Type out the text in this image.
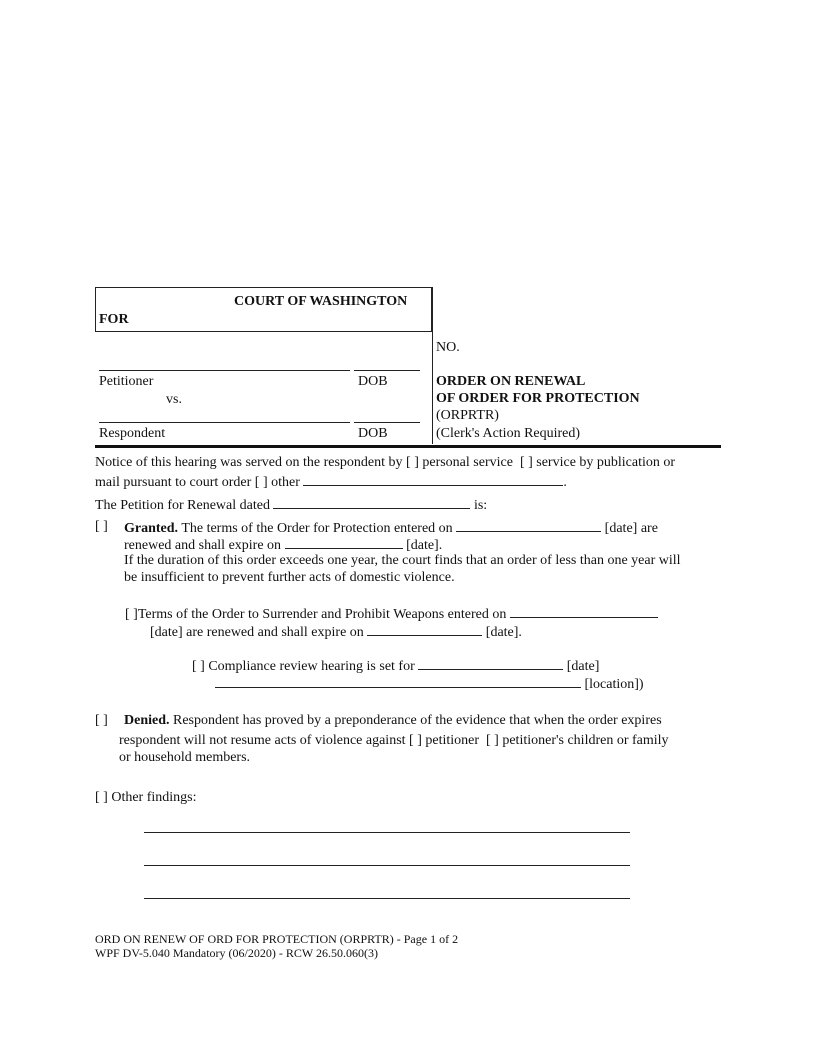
COURT OF WASHINGTON
FOR
NO.
Petitioner	DOB
vs.
Respondent	DOB
ORDER ON RENEWAL
OF ORDER FOR PROTECTION
(ORPRTR)
(Clerk's Action Required)
Notice of this hearing was served on the respondent by [ ] personal service [ ] service by publication or
mail pursuant to court order [ ] other	.
The Petition for Renewal dated	is:
[ ] Granted. The terms of the Order for Protection entered on	[date] are
renewed and shall expire on	[date].
If the duration of this order exceeds one year, the court finds that an order of less than one year will
be insufficient to prevent further acts of domestic violence.
[ ]Terms of the Order to Surrender and Prohibit Weapons entered on
[date] are renewed and shall expire on	[date].
[ ] Compliance review hearing is set for	[date]
[location])
[ ] Denied. Respondent has proved by a preponderance of the evidence that when the order expires
respondent will not resume acts of violence against [ ] petitioner [ ] petitioner's children or family
or household members.
[ ] Other findings:
ORD ON RENEW OF ORD FOR PROTECTION (ORPRTR) - Page 1 of 2
WPF DV-5.040 Mandatory (06/2020) - RCW 26.50.060(3)
